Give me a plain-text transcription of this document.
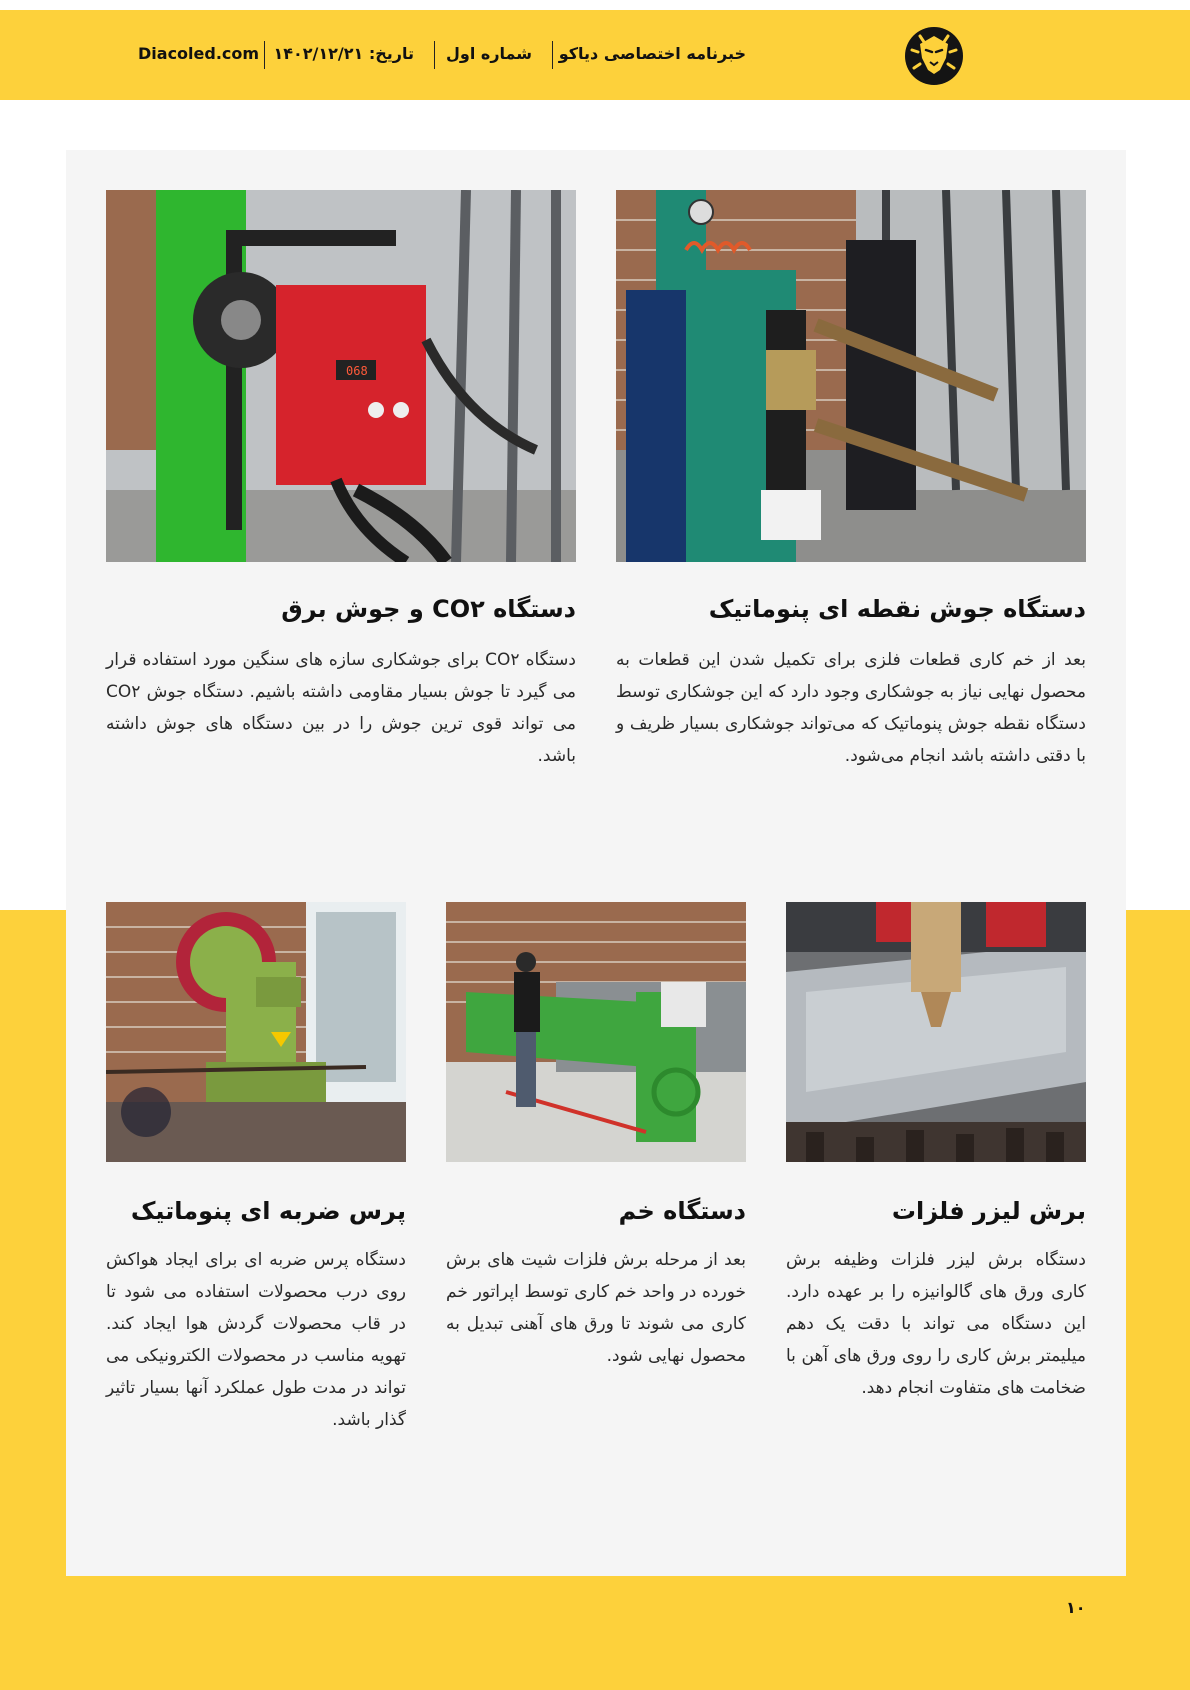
خبرنامه اختصاصی دیاکو
شماره اول
تاریخ: ۱۴۰۲/۱۲/۲۱
Diacoled.com
068
دستگاه جوش نقطه ای پنوماتیک
بعد از خم کاری قطعات فلزی برای تکمیل شدن این قطعات به محصول نهایی نیاز به جوشکاری وجود دارد که این جوشکاری توسط دستگاه نقطه جوش پنوماتیک که می‌تواند جوشکاری بسیار ظریف و با دقتی داشته باشد انجام می‌شود.
دستگاه CO۲ و جوش برق
دستگاه CO۲ برای جوشکاری سازه های سنگین مورد استفاده قرار می گیرد تا جوش بسیار مقاومی داشته باشیم. دستگاه جوش CO۲ می تواند قوی ترین جوش را در بین دستگاه های جوش داشته باشد.
برش لیزر فلزات
دستگاه برش لیزر فلزات وظیفه برش کاری ورق های گالوانیزه را بر عهده دارد. این دستگاه می تواند با دقت یک دهم میلیمتر برش کاری را روی ورق های آهن با ضخامت های متفاوت انجام دهد.
دستگاه خم
بعد از مرحله برش فلزات شیت های برش خورده در واحد خم کاری توسط اپراتور خم کاری می شوند تا ورق های آهنی تبدیل به محصول نهایی شود.
پرس ضربه ای پنوماتیک
دستگاه پرس ضربه ای برای ایجاد هواکش روی درب محصولات استفاده می شود تا در قاب محصولات گردش هوا ایجاد کند. تهویه مناسب در محصولات الکترونیکی می تواند در مدت طول عملکرد آنها بسیار تاثیر گذار باشد.
۱۰
